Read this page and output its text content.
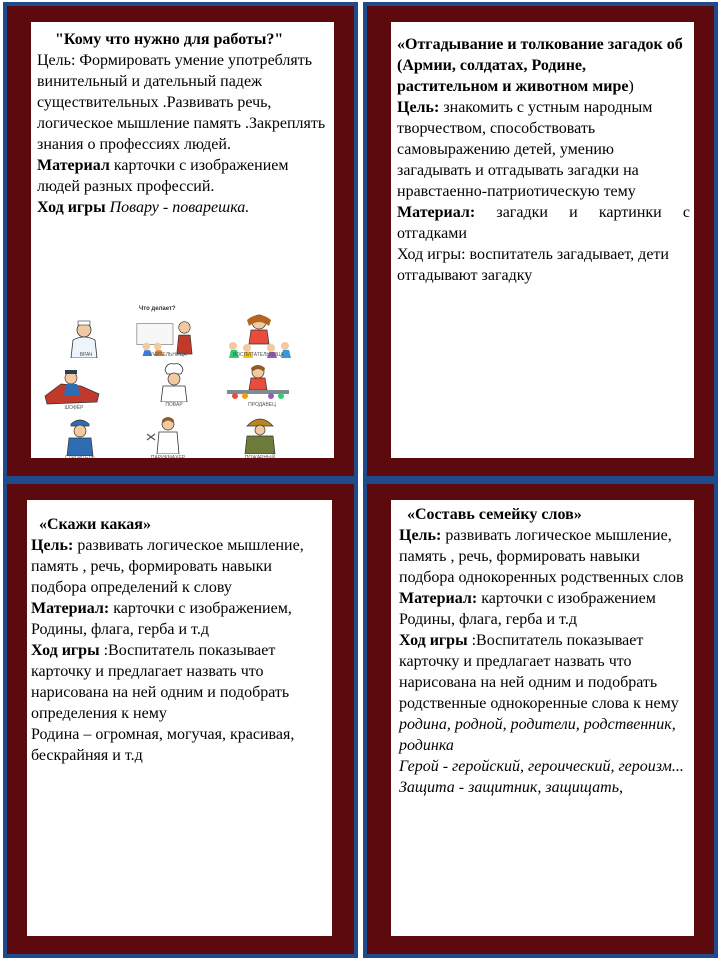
"Кому что нужно для работы?"
Цель: Формировать умение употреблять винительный и дательный падеж существительных .Развивать речь, логическое мышление память .Закреплять знания о профессиях людей.
Материал карточки с изображением людей разных профессий.
Ход игры Повару - поварешка.
Что делает?
ВРАЧ	УЧИТЕЛЬНИЦА	ВОСПИТАТЕЛЬНИЦА
ШОФЁР	ПОВАР	ПРОДАВЕЦ
СТРОИТЕЛЬ	ПАРИКМАХЕР	ПОЖАРНЫЙ
«Отгадывание и толкование загадок об (Армии, солдатах, Родине, растительном и животном мире)
Цель: знакомить с устным народным творчеством, способствовать самовыражению детей, умению загадывать и отгадывать загадки на нравстаенно-патриотическую тему
Материал: загадки и картинки с отгадками
Ход игры: воспитатель загадывает, дети отгадывают загадку
«Скажи какая»
Цель: развивать логическое мышление, память , речь, формировать навыки
подбора определений к слову
Материал: карточки с изображением, Родины, флага, герба и т.д
Ход игры :Воспитатель показывает карточку и предлагает назвать что нарисована на ней одним и подобрать определения к нему
Родина – огромная, могучая, красивая, бескрайняя и т.д
«Составь семейку слов»
Цель: развивать логическое мышление, память , речь, формировать навыки
подбора однокоренных родственных слов
Материал: карточки с изображением Родины, флага, герба и т.д
Ход игры :Воспитатель показывает карточку и предлагает назвать что нарисована на ней одним и подобрать родственные однокоренные слова к нему
родина, родной, родители, родственник, родинка
Герой - геройский, героический, героизм...
Защита - защитник, защищать,
